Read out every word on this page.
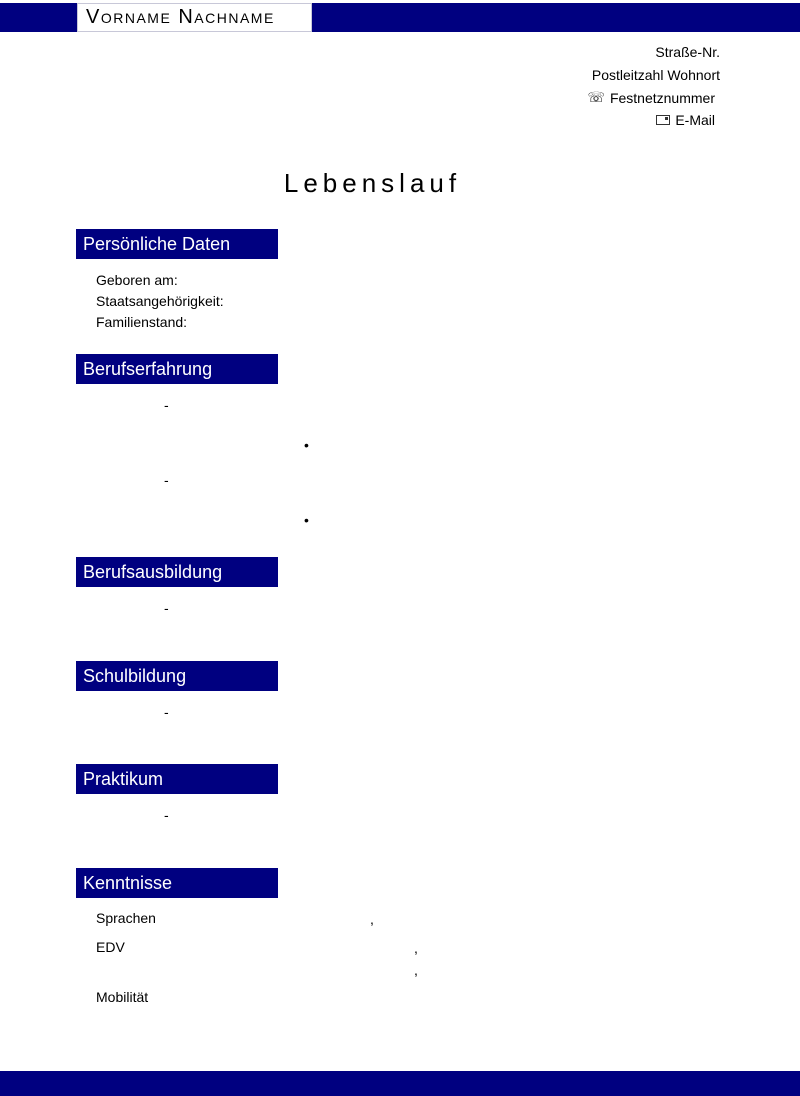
Vorname Nachname
Straße-Nr.
Postleitzahl Wohnort
☏ Festnetznummer
E-Mail
Lebenslauf
Persönliche Daten
Geboren am:
Staatsangehörigkeit:
Familienstand:
Berufserfahrung
-
•
-
•
Berufsausbildung
-
Schulbildung
-
Praktikum
-
Kenntnisse
Sprachen	,
EDV	,
,
Mobilität
